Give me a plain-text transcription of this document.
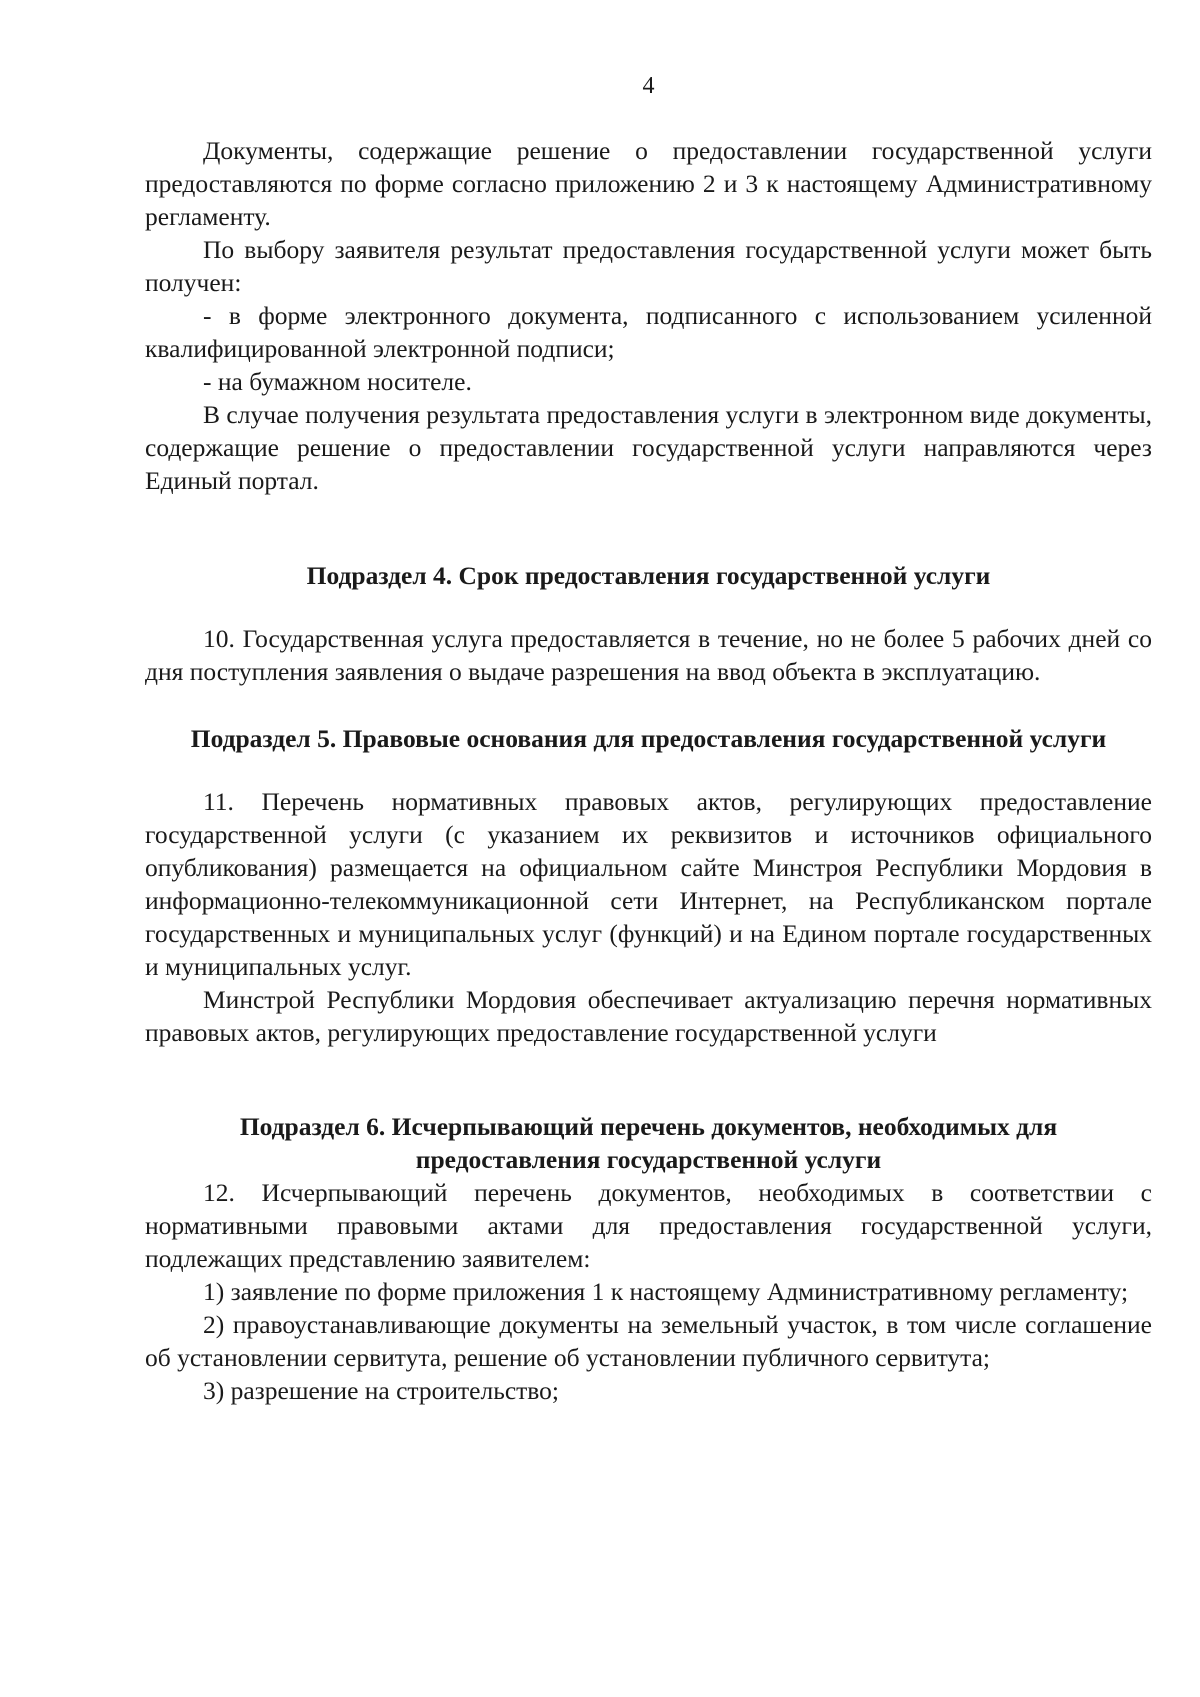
4

Документы, содержащие решение о предоставлении государственной услуги предоставляются по форме согласно приложению 2 и 3 к настоящему Административному регламенту.

По выбору заявителя результат предоставления государственной услуги может быть получен:

- в форме электронного документа, подписанного с использованием усиленной квалифицированной электронной подписи;

- на бумажном носителе.

В случае получения результата предоставления услуги в электронном виде документы, содержащие решение о предоставлении государственной услуги направляются через Единый портал.

Подраздел 4. Срок предоставления государственной услуги

10. Государственная услуга предоставляется в течение, но не более 5 рабочих дней со дня поступления заявления о выдаче разрешения на ввод объекта в эксплуатацию.

Подраздел 5. Правовые основания для предоставления государственной услуги

11. Перечень нормативных правовых актов, регулирующих предоставление государственной услуги (с указанием их реквизитов и источников официального опубликования) размещается на официальном сайте Минстроя Республики Мордовия в информационно-телекоммуникационной сети Интернет, на Республиканском портале государственных и муниципальных услуг (функций) и на Едином портале государственных и муниципальных услуг.

Минстрой Республики Мордовия обеспечивает актуализацию перечня нормативных правовых актов, регулирующих предоставление государственной услуги

Подраздел 6. Исчерпывающий перечень документов, необходимых для предоставления государственной услуги

12. Исчерпывающий перечень документов, необходимых в соответствии с нормативными правовыми актами для предоставления государственной услуги, подлежащих представлению заявителем:

1) заявление по форме приложения 1 к настоящему Административному регламенту;

2) правоустанавливающие документы на земельный участок, в том числе соглашение об установлении сервитута, решение об установлении публичного сервитута;

3) разрешение на строительство;
